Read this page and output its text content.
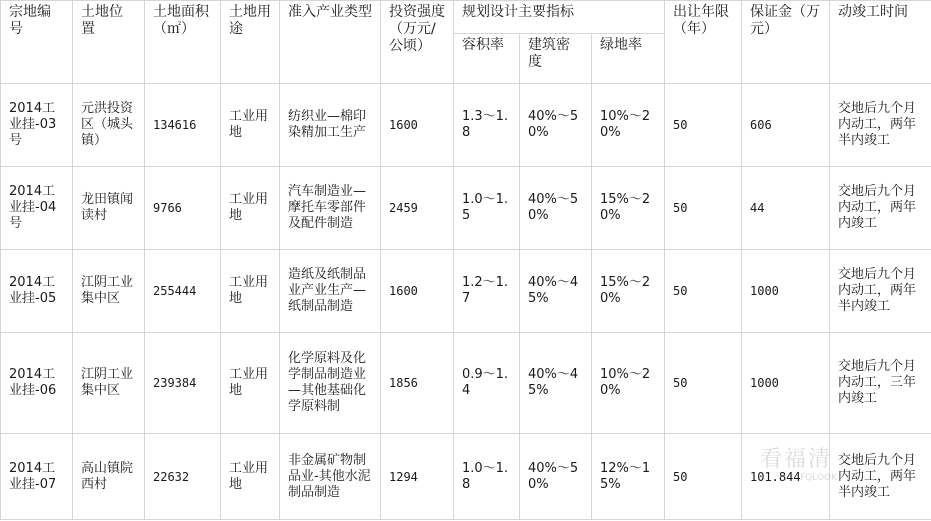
宗地编号	土地位置	土地面积（㎡）	土地用途	准入产业类型	投资强度（万元/公顷）	规划设计主要指标			出让年限（年）	保证金（万元）	动竣工时间
						容积率	建筑密度	绿地率			
2014工业挂-03号	元洪投资区（城头镇）	134616	工业用地	纺织业—棉印染精加工生产	1600	1.3～1.8	40%～50%	10%～20%	50	606	交地后九个月内动工，两年半内竣工
2014工业挂-04号	龙田镇闻读村	9766	工业用地	汽车制造业—摩托车零部件及配件制造	2459	1.0～1.5	40%～50%	15%～20%	50	44	交地后九个月内动工，两年内竣工
2014工业挂-05	江阴工业集中区	255444	工业用地	造纸及纸制品业产业生产—纸制品制造	1600	1.2～1.7	40%～45%	15%～20%	50	1000	交地后九个月内动工，两年半内竣工
2014工业挂-06	江阴工业集中区	239384	工业用地	化学原料及化学制品制造业—其他基础化学原料制	1856	0.9～1.4	40%～45%	10%～20%	50	1000	交地后九个月内动工，三年内竣工
2014工业挂-07	高山镇院西村	22632	工业用地	非金属矿物制品业-其他水泥制品制造	1294	1.0～1.8	40%～50%	12%～15%	50	101.844	交地后九个月内动工，两年半内竣工
看福清
FQLOOK
